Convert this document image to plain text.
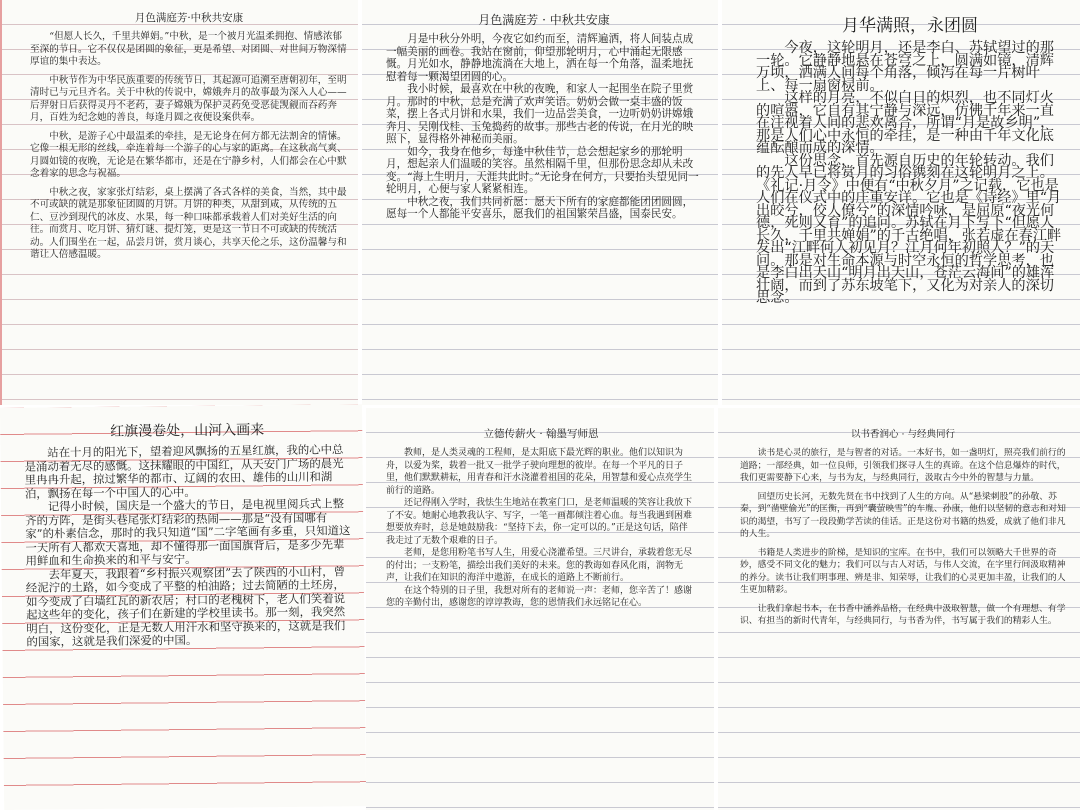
月色满庭芳·中秋共安康

“但愿人长久，千里共婵娟。”中秋，是一个被月光温柔拥抱、情感浓郁至深的节日。它不仅仅是团圆的象征，更是希望、对团圆、对世间万物深情厚谊的集中表达。

中秋节作为中华民族重要的传统节日，其起源可追溯至唐朝初年，至明清时已与元旦齐名。关于中秋的传说中，嫦娥奔月的故事最为深入人心——后羿射日后获得灵丹不老药，妻子嫦娥为保护灵药免受恶徒觊觎而吞药奔月，百姓为纪念她的善良，每逢月圆之夜便设案供奉。

中秋，是游子心中最温柔的牵挂，是无论身在何方都无法割舍的情愫。它像一根无形的丝线，牵连着每一个游子的心与家的距离。在这秋高气爽、月圆如镜的夜晚，无论是在繁华都市，还是在宁静乡村，人们都会在心中默念着家的思念与祝福。

中秋之夜，家家张灯结彩，桌上摆满了各式各样的美食，当然，其中最不可或缺的就是那象征团圆的月饼。月饼的种类，从甜到咸，从传统的五仁、豆沙到现代的冰皮、水果，每一种口味都承载着人们对美好生活的向往。而赏月、吃月饼、猜灯谜、提灯笼，更是这一节日不可或缺的传统活动。人们围坐在一起，品尝月饼，赏月谈心，共享天伦之乐，这份温馨与和谐让人倍感温暖。

月色满庭芳 · 中秋共安康

月是中秋分外明，今夜它如约而至，清辉遍洒，将人间装点成一幅美丽的画卷。我站在窗前，仰望那轮明月，心中涌起无限感慨。月光如水，静静地流淌在大地上，洒在每一个角落，温柔地抚慰着每一颗渴望团圆的心。

我小时候，最喜欢在中秋的夜晚，和家人一起围坐在院子里赏月。那时的中秋，总是充满了欢声笑语。奶奶会做一桌丰盛的饭菜，摆上各式月饼和水果，我们一边品尝美食，一边听奶奶讲嫦娥奔月、吴刚伐桂、玉兔捣药的故事。那些古老的传说，在月光的映照下，显得格外神秘而美丽。

如今，我身在他乡，每逢中秋佳节，总会想起家乡的那轮明月，想起亲人们温暖的笑容。虽然相隔千里，但那份思念却从未改变。“海上生明月，天涯共此时。”无论身在何方，只要抬头望见同一轮明月，心便与家人紧紧相连。

中秋之夜，我们共同祈愿：愿天下所有的家庭都能团团圆圆，愿每一个人都能平安喜乐，愿我们的祖国繁荣昌盛，国泰民安。

月华满照，永团圆

今夜，这轮明月，还是李白、苏轼望过的那一轮。它静静地悬在苍穹之上，圆满如镜，清辉万顷，洒满人间每个角落，倾泻在每一片树叶上、每一扇窗棂前。

这样的月亮，不似白日的炽烈，也不同灯火的喧嚣，它自有其宁静与深远，仿佛千年来一直在注视着人间的悲欢离合，所谓“月是故乡明”，那是人们心中永恒的牵挂，是一种由千年文化底蕴酝酿而成的深情。

这份思念，首先源自历史的年轮转动。我们的先人早已将赏月的习俗镌刻在这轮明月之上。《礼记·月令》中便有“中秋夕月”之记载，它也是人们在仪式中的庄重安详。它也是《诗经》里“月出皎兮，佼人僚兮”的深情吟咏，是屈原“夜光何德，死则又育”的追问。苏轼在月下写下“但愿人长久，千里共婵娟”的千古绝唱，张若虚在春江畔发出“江畔何人初见月？江月何年初照人？”的天问。那是对生命本源与时空永恒的哲学思考，也是李白出天山“明月出天山，苍茫云海间”的雄浑壮阔，而到了苏东坡笔下，又化为对亲人的深切思念。

红旗漫卷处，山河入画来

站在十月的阳光下，望着迎风飘扬的五星红旗，我的心中总是涌动着无尽的感慨。这抹耀眼的中国红，从天安门广场的晨光里冉冉升起，掠过繁华的都市、辽阔的农田、雄伟的山川和湖泊，飘扬在每一个中国人的心中。

记得小时候，国庆是一个盛大的节日，是电视里阅兵式上整齐的方阵，是街头巷尾张灯结彩的热闹——那是“没有国哪有家”的朴素信念，那时的我只知道“国”二字笔画有多重，只知道这一天所有人都欢天喜地，却不懂得那一面国旗背后，是多少先辈用鲜血和生命换来的和平与安宁。

去年夏天，我跟着“乡村振兴观察团”去了陕西的小山村，曾经泥泞的土路，如今变成了平整的柏油路；过去简陋的土坯房，如今变成了白墙红瓦的新农居；村口的老槐树下，老人们笑着说起这些年的变化，孩子们在新建的学校里读书。那一刻，我突然明白，这份变化，正是无数人用汗水和坚守换来的，这就是我们的国家，这就是我们深爱的中国。

立德传薪火 · 翰墨写师恩

教师，是人类灵魂的工程师，是太阳底下最光辉的职业。他们以知识为舟，以爱为桨，载着一批又一批学子驶向理想的彼岸。在每一个平凡的日子里，他们默默耕耘，用青春和汗水浇灌着祖国的花朵，用智慧和爱心点亮学生前行的道路。

还记得刚入学时，我怯生生地站在教室门口，是老师温暖的笑容让我放下了不安。她耐心地教我认字、写字，一笔一画都倾注着心血。每当我遇到困难想要放弃时，总是她鼓励我：“坚持下去，你一定可以的。”正是这句话，陪伴我走过了无数个艰难的日子。

老师，是您用粉笔书写人生，用爱心浇灌希望。三尺讲台，承载着您无尽的付出；一支粉笔，描绘出我们美好的未来。您的教诲如春风化雨，润物无声，让我们在知识的海洋中遨游，在成长的道路上不断前行。

在这个特别的日子里，我想对所有的老师说一声：老师，您辛苦了！感谢您的辛勤付出，感谢您的谆谆教诲，您的恩情我们永远铭记在心。

以书香润心 · 与经典同行

读书是心灵的旅行，是与智者的对话。一本好书，如一盏明灯，照亮我们前行的道路；一部经典，如一位良师，引领我们探寻人生的真谛。在这个信息爆炸的时代，我们更需要静下心来，与书为友，与经典同行，汲取古今中外的智慧与力量。

回望历史长河，无数先贤在书中找到了人生的方向。从“悬梁刺股”的孙敬、苏秦，到“凿壁偷光”的匡衡，再到“囊萤映雪”的车胤、孙康，他们以坚韧的意志和对知识的渴望，书写了一段段勤学苦读的佳话。正是这份对书籍的热爱，成就了他们非凡的人生。

书籍是人类进步的阶梯，是知识的宝库。在书中，我们可以领略大千世界的奇妙，感受不同文化的魅力；我们可以与古人对话，与伟人交流，在字里行间汲取精神的养分。读书让我们明事理、辨是非、知荣辱，让我们的心灵更加丰盈，让我们的人生更加精彩。

让我们拿起书本，在书香中涵养品格，在经典中汲取智慧，做一个有理想、有学识、有担当的新时代青年，与经典同行，与书香为伴，书写属于我们的精彩人生。
